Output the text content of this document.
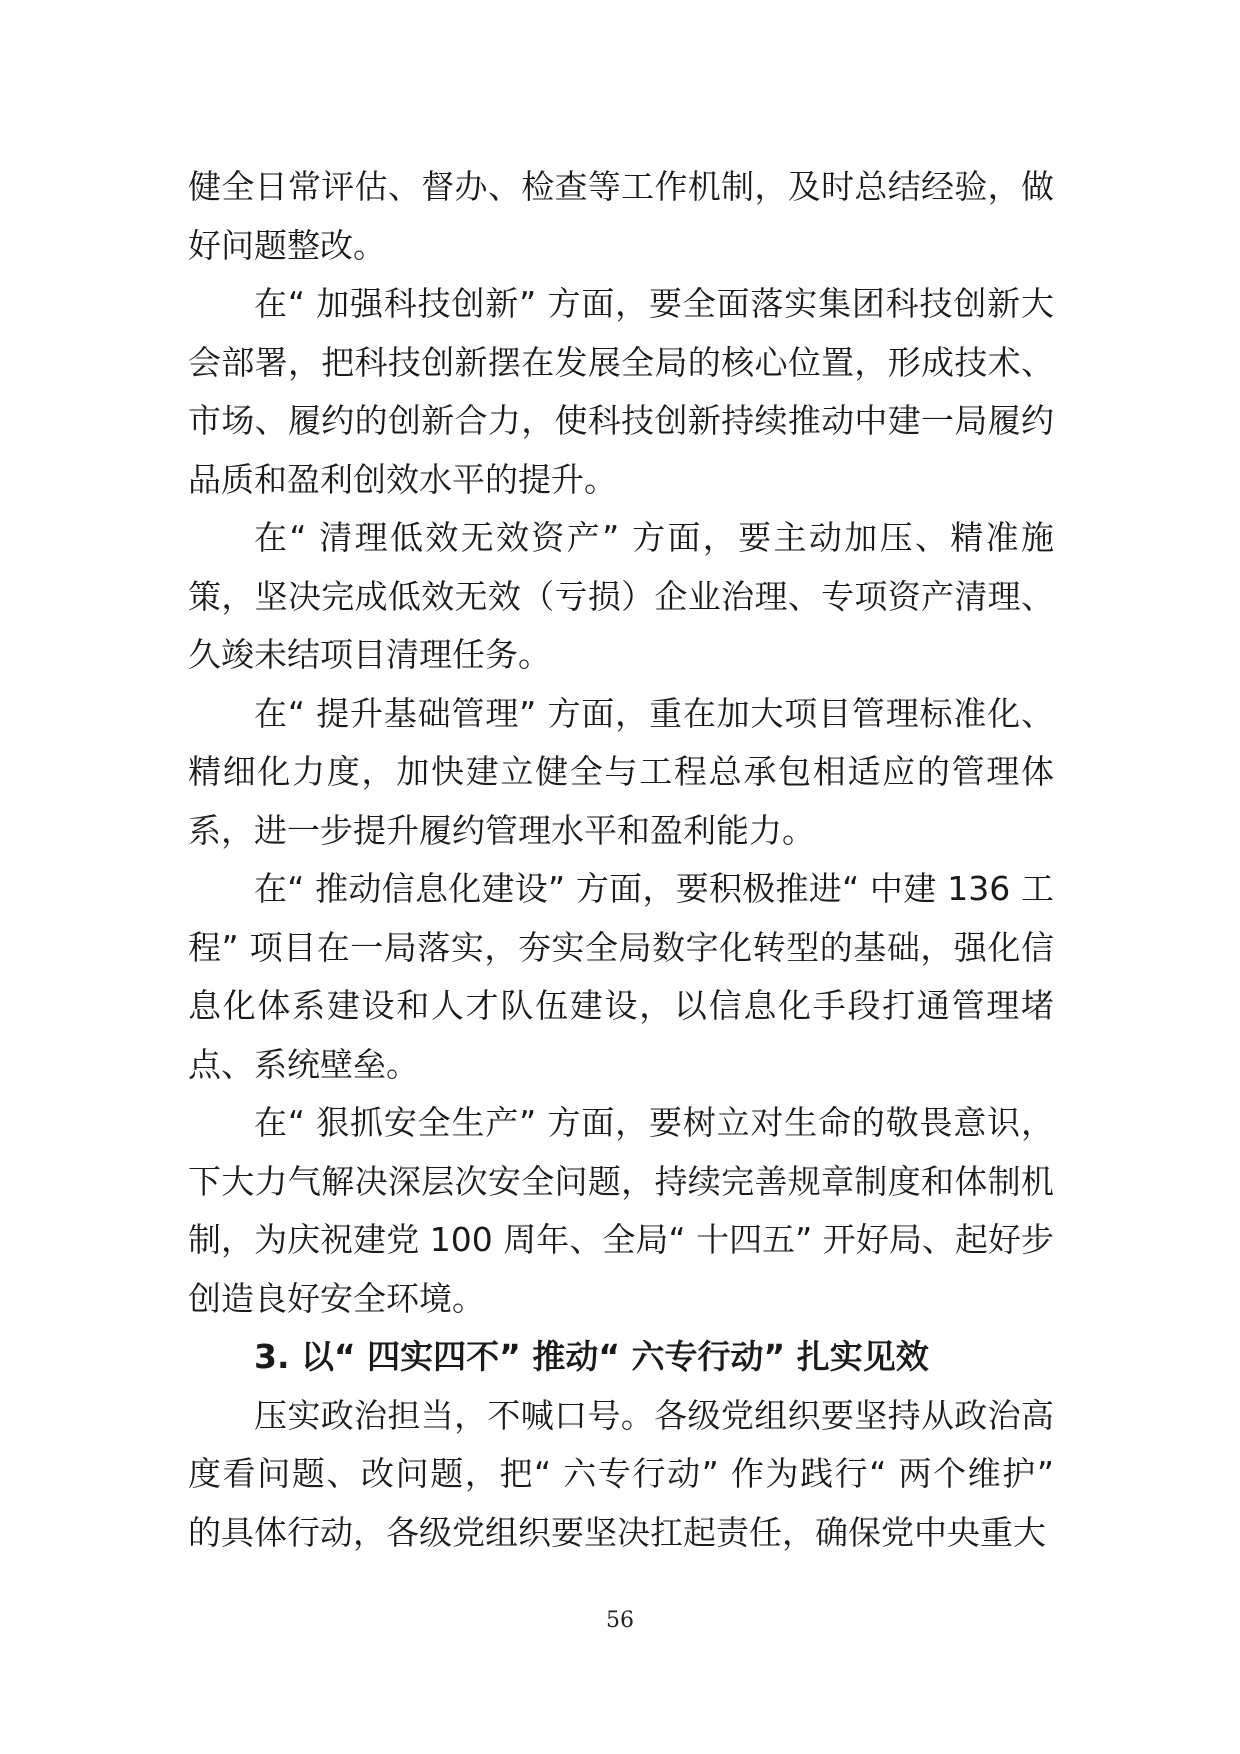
健全日常评估、督办、检查等工作机制，及时总结经验，做好问题整改。

在“ 加强科技创新” 方面，要全面落实集团科技创新大会部署，把科技创新摆在发展全局的核心位置，形成技术、市场、履约的创新合力，使科技创新持续推动中建一局履约品质和盈利创效水平的提升。

在“ 清理低效无效资产” 方面，要主动加压、精准施策，坚决完成低效无效（亏损）企业治理、专项资产清理、久竣未结项目清理任务。

在“ 提升基础管理” 方面，重在加大项目管理标准化、精细化力度，加快建立健全与工程总承包相适应的管理体系，进一步提升履约管理水平和盈利能力。

在“ 推动信息化建设” 方面，要积极推进“ 中建 136 工程” 项目在一局落实，夯实全局数字化转型的基础，强化信息化体系建设和人才队伍建设，以信息化手段打通管理堵点、系统壁垒。

在“ 狠抓安全生产” 方面，要树立对生命的敬畏意识，下大力气解决深层次安全问题，持续完善规章制度和体制机制，为庆祝建党 100 周年、全局“ 十四五” 开好局、起好步创造良好安全环境。

3. 以“ 四实四不” 推动“ 六专行动” 扎实见效

压实政治担当，不喊口号。各级党组织要坚持从政治高度看问题、改问题，把“ 六专行动” 作为践行“ 两个维护” 的具体行动，各级党组织要坚决扛起责任，确保党中央重大

56
